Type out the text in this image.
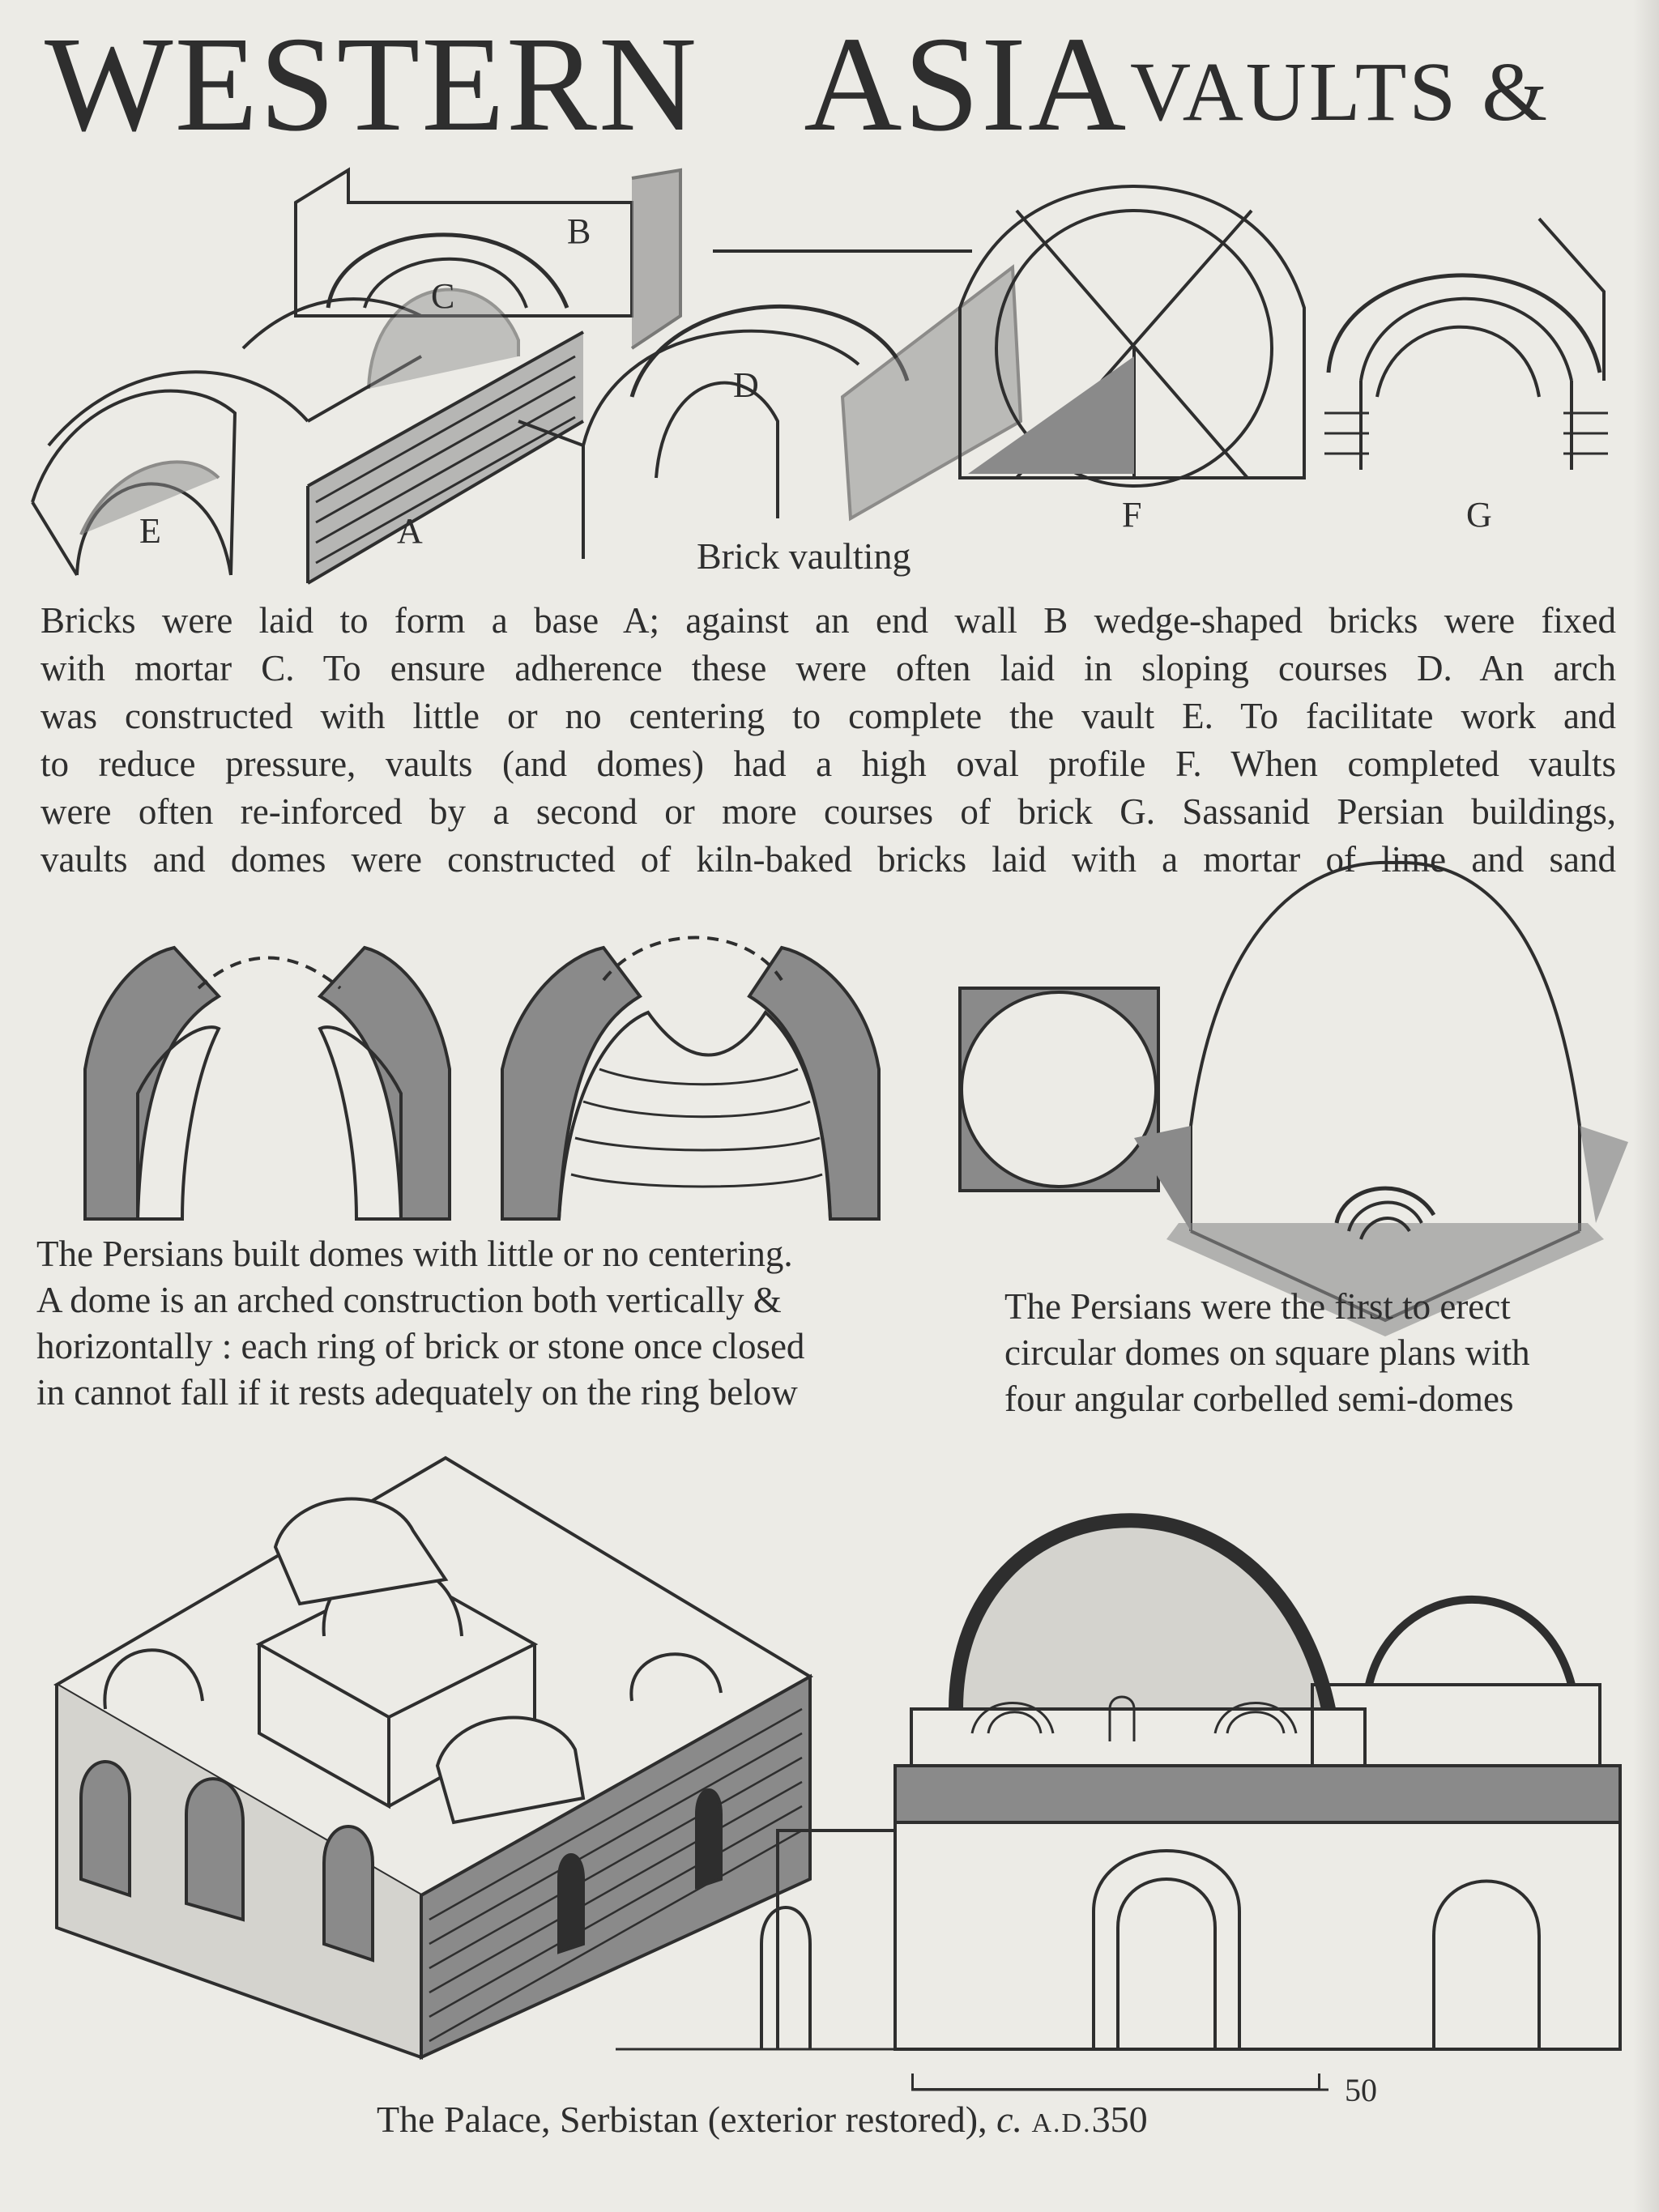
WESTERN ASIA VAULTS &
B
C
D
E	A	F	G
Brick vaulting
Bricks were laid to form a base A; against an end wall B wedge-shaped bricks were fixed
with mortar C. To ensure adherence these were often laid in sloping courses D. An arch
was constructed with little or no centering to complete the vault E. To facilitate work and
to reduce pressure, vaults (and domes) had a high oval profile F. When completed vaults
were often re-inforced by a second or more courses of brick G. Sassanid Persian buildings,
vaults and domes were constructed of kiln-baked bricks laid with a mortar of lime and sand
The Persians built domes with little or no centering.
A dome is an arched construction both vertically &
horizontally : each ring of brick or stone once closed
in cannot fall if it rests adequately on the ring below
The Persians were the first to erect
circular domes on square plans with
four angular corbelled semi-domes
50
The Palace, Serbistan (exterior restored), c. A.D.350
